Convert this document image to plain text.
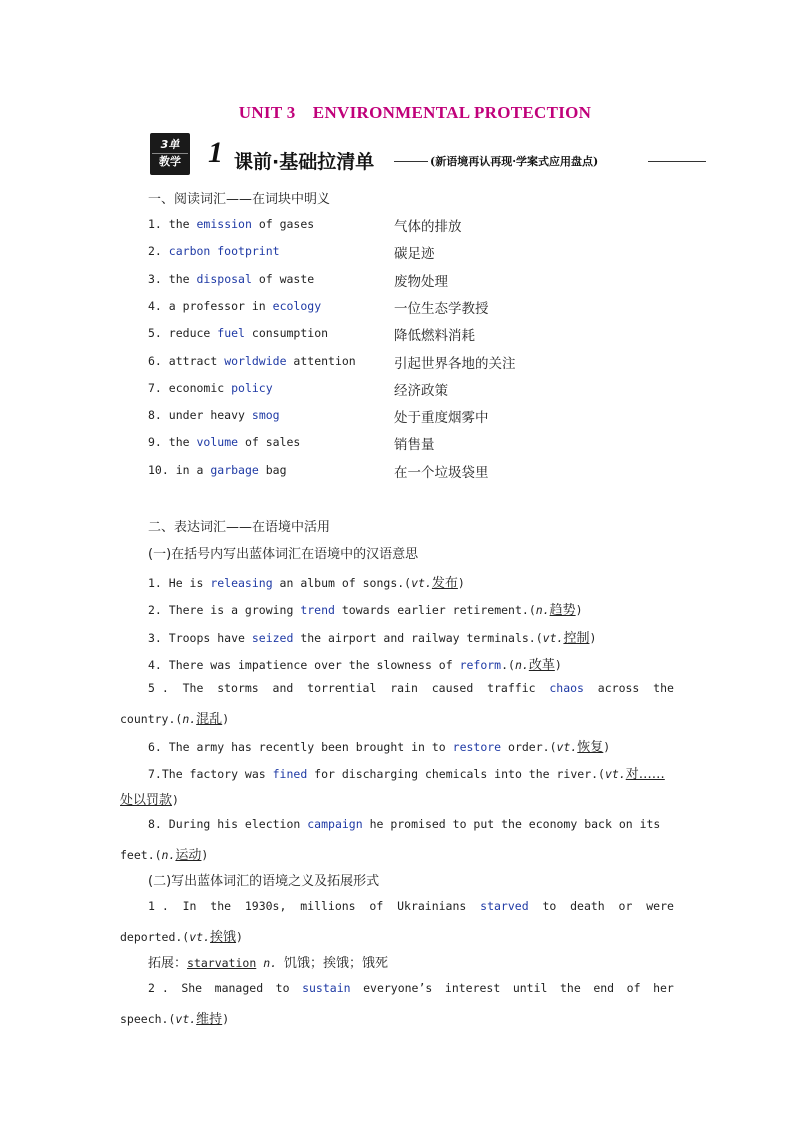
UNIT 3　ENVIRONMENTAL PROTECTION
3单
教学 1 课前·基础拉清单	(新语境再认再现·学案式应用盘点)
一、阅读词汇——在词块中明义
1. the emission of gases	气体的排放
2. carbon footprint	碳足迹
3. the disposal of waste	废物处理
4. a professor in ecology	一位生态学教授
5. reduce fuel consumption	降低燃料消耗
6. attract worldwide attention	引起世界各地的关注
7. economic policy	经济政策
8. under heavy smog	处于重度烟雾中
9. the volume of sales	销售量
10. in a garbage bag	在一个垃圾袋里
二、表达词汇——在语境中活用
(一)在括号内写出蓝体词汇在语境中的汉语意思
1. He is releasing an album of songs.(vt.发布)
2. There is a growing trend towards earlier retirement.(n.趋势)
3. Troops have seized the airport and railway terminals.(vt.控制)
4. There was impatience over the slowness of reform.(n.改革)
5 . The storms and torrential rain caused traffic chaos across the
country.(n.混乱)
6. The army has recently been brought in to restore order.(vt.恢复)
7.The factory was fined for discharging chemicals into the river.(vt.对……
处以罚款)
8. During his election campaign he promised to put the economy back on its
feet.(n.运动)
(二)写出蓝体词汇的语境之义及拓展形式
1 . In the 1930s, millions of Ukrainians starved to death or were
deported.(vt.挨饿)
拓展：starvation n. 饥饿；挨饿；饿死
2 . She managed to sustain everyone’s interest until the end of her
speech.(vt.维持)
